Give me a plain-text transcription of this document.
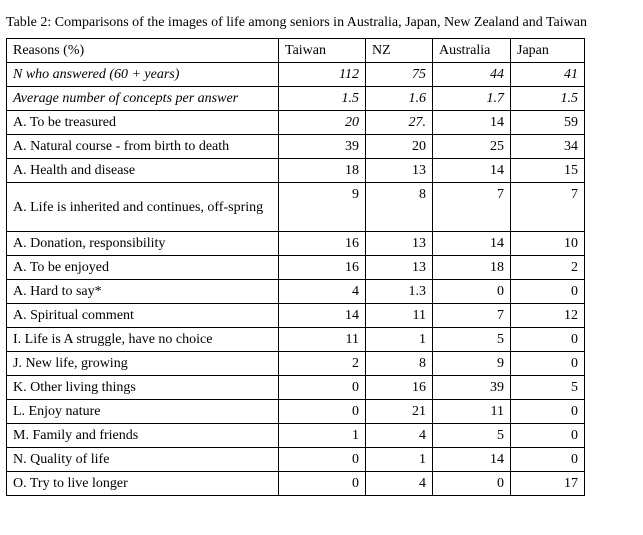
Table 2: Comparisons of the images of life among seniors in Australia, Japan, New Zealand and Taiwan
Reasons (%)	Taiwan	NZ	Australia	Japan
N who answered (60 + years)	112	75	44	41
Average number of concepts per answer	1.5	1.6	1.7	1.5
A. To be treasured	20	27.	14	59
A. Natural course - from birth to death	39	20	25	34
A. Health and disease	18	13	14	15
A. Life is inherited and continues, off-spring	9	8	7	7
A. Donation, responsibility	16	13	14	10
A. To be enjoyed	16	13	18	2
A. Hard to say*	4	1.3	0	0
A. Spiritual comment	14	11	7	12
I. Life is A struggle, have no choice	11	1	5	0
J. New life, growing	2	8	9	0
K. Other living things	0	16	39	5
L. Enjoy nature	0	21	11	0
M. Family and friends	1	4	5	0
N. Quality of life	0	1	14	0
O. Try to live longer	0	4	0	17
